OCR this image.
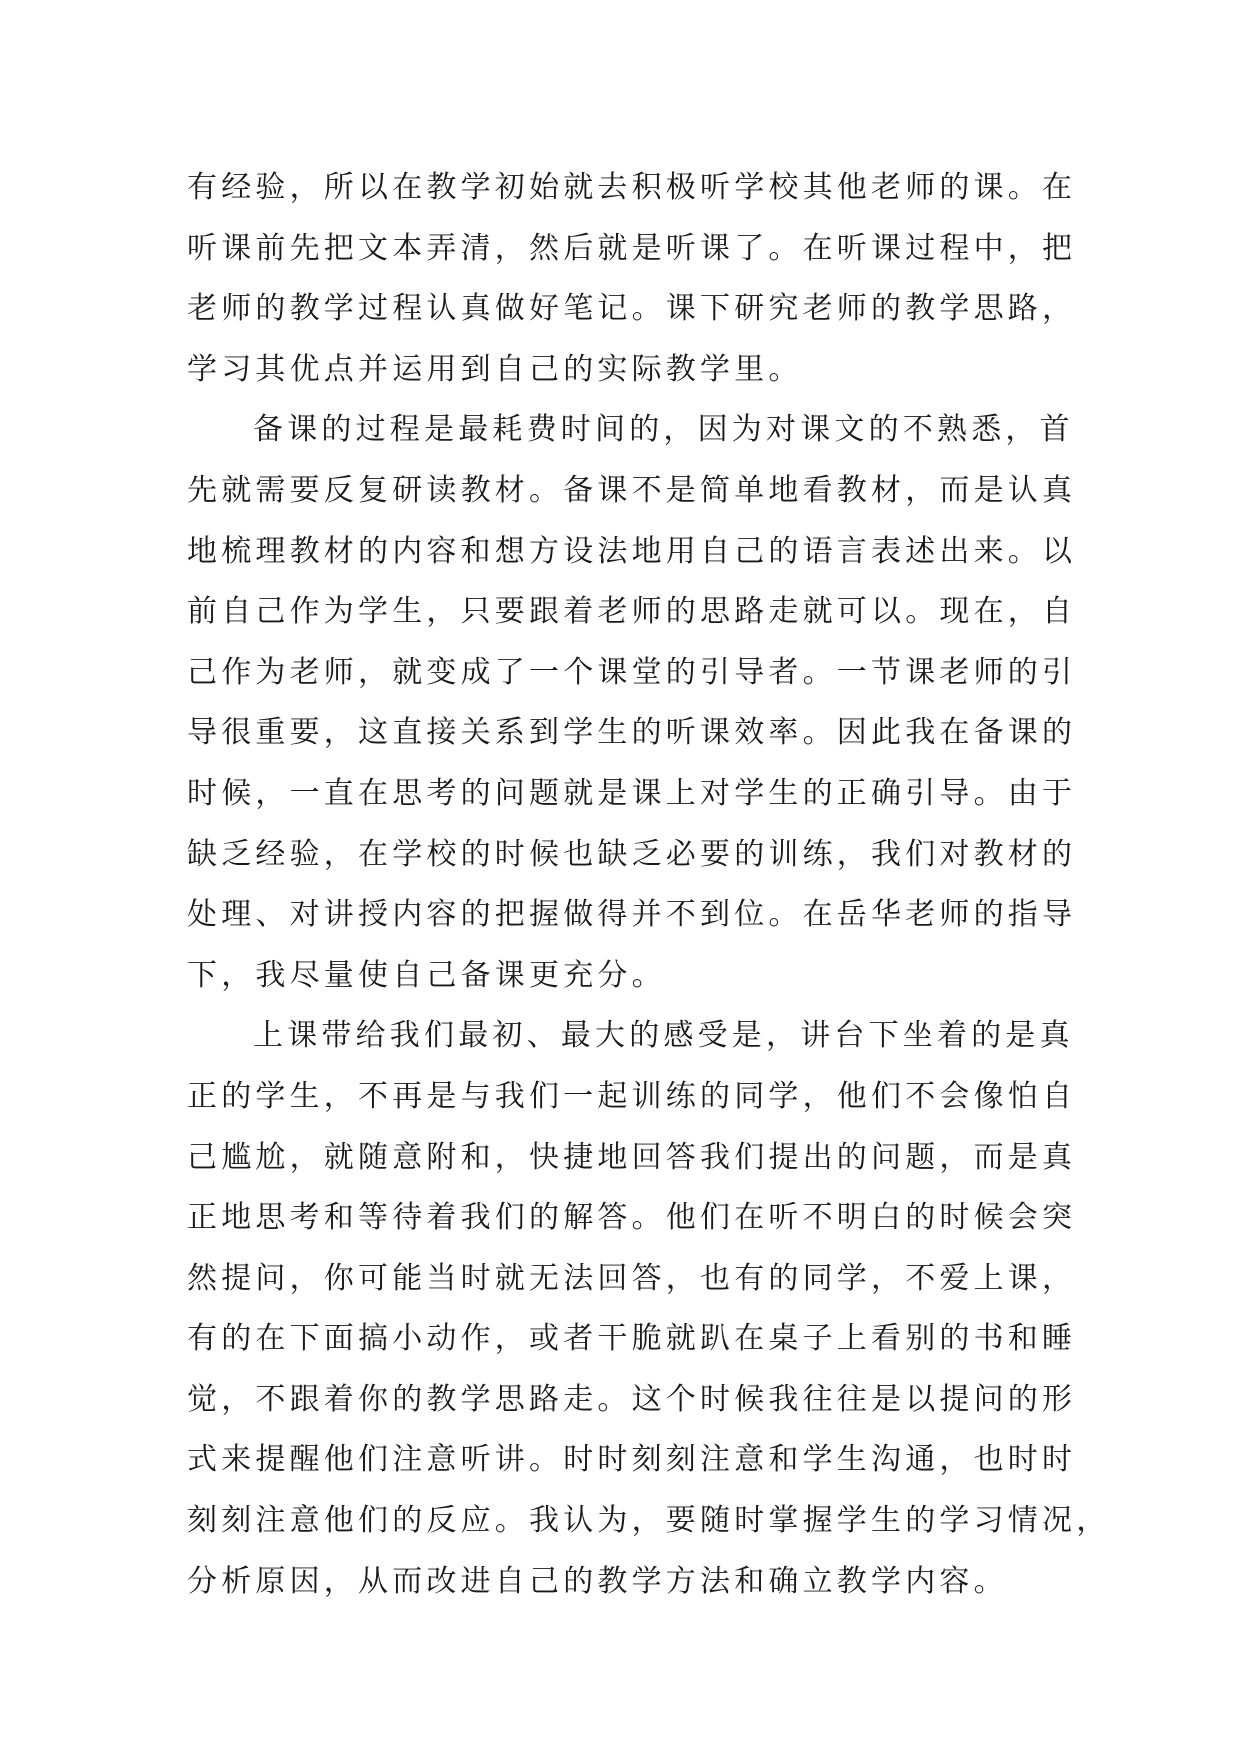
有经验，所以在教学初始就去积极听学校其他老师的课。在
听课前先把文本弄清，然后就是听课了。在听课过程中，把
老师的教学过程认真做好笔记。课下研究老师的教学思路，
学习其优点并运用到自己的实际教学里。
备课的过程是最耗费时间的，因为对课文的不熟悉，首
先就需要反复研读教材。备课不是简单地看教材，而是认真
地梳理教材的内容和想方设法地用自己的语言表述出来。以
前自己作为学生，只要跟着老师的思路走就可以。现在，自
己作为老师，就变成了一个课堂的引导者。一节课老师的引
导很重要，这直接关系到学生的听课效率。因此我在备课的
时候，一直在思考的问题就是课上对学生的正确引导。由于
缺乏经验，在学校的时候也缺乏必要的训练，我们对教材的
处理、对讲授内容的把握做得并不到位。在岳华老师的指导
下，我尽量使自己备课更充分。
上课带给我们最初、最大的感受是，讲台下坐着的是真
正的学生，不再是与我们一起训练的同学，他们不会像怕自
己尴尬，就随意附和，快捷地回答我们提出的问题，而是真
正地思考和等待着我们的解答。他们在听不明白的时候会突
然提问，你可能当时就无法回答，也有的同学，不爱上课，
有的在下面搞小动作，或者干脆就趴在桌子上看别的书和睡
觉，不跟着你的教学思路走。这个时候我往往是以提问的形
式来提醒他们注意听讲。时时刻刻注意和学生沟通，也时时
刻刻注意他们的反应。我认为，要随时掌握学生的学习情况，
分析原因，从而改进自己的教学方法和确立教学内容。
